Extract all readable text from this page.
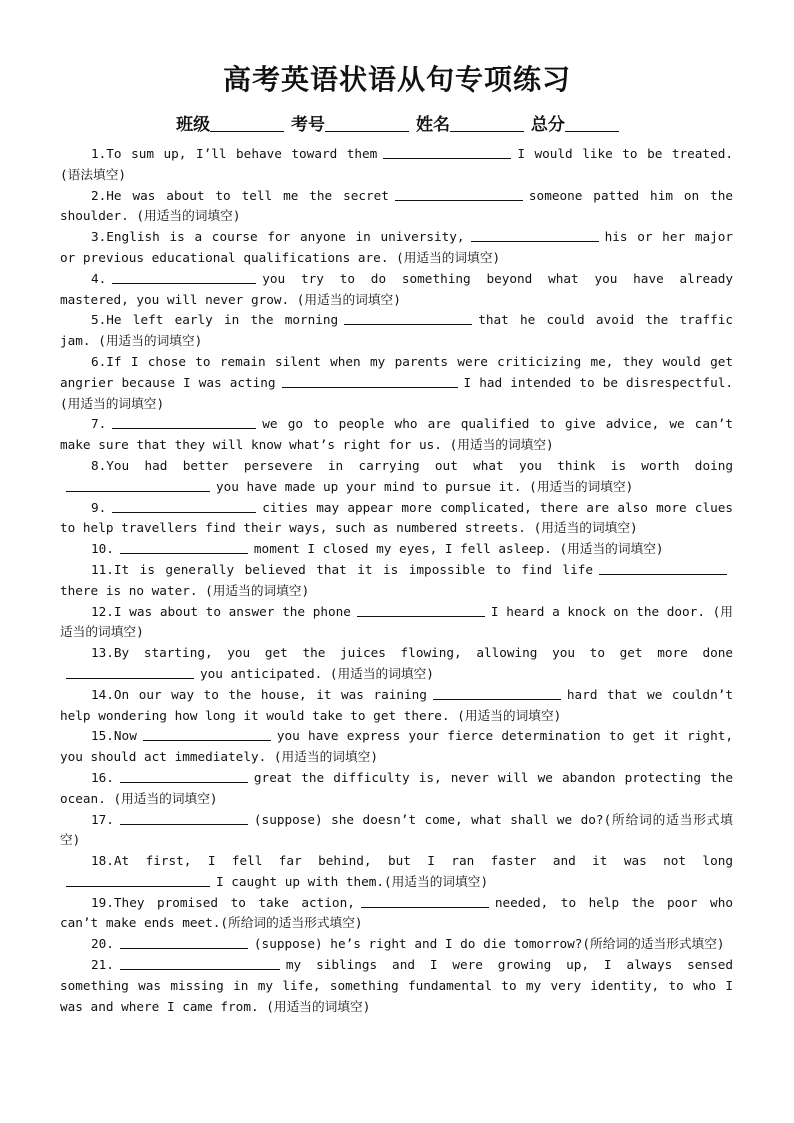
高考英语状语从句专项练习
班级	考号	姓名	总分
1.To sum up, I’ll behave toward them	I would like to be treated. (语法填空)
2.He was about to tell me the secret	someone patted him on the shoulder. (用适当的词填空)
3.English is a course for anyone in university,	his or her major or previous educational qualifications are. (用适当的词填空)
4.	you try to do something beyond what you have already mastered, you will never grow. (用适当的词填空)
5.He left early in the morning	that he could avoid the traffic jam. (用适当的词填空)
6.If I chose to remain silent when my parents were criticizing me, they would get angrier because I was acting	I had intended to be disrespectful. (用适当的词填空)
7.	we go to people who are qualified to give advice, we can’t make sure that they will know what’s right for us. (用适当的词填空)
8.You had better persevere in carrying out what you think is worth doingyou have made up your mind to pursue it. (用适当的词填空)
9.	cities may appear more complicated, there are also more clues to help travellers find their ways, such as numbered streets. (用适当的词填空)
10.	moment I closed my eyes, I fell asleep. (用适当的词填空)
11.It is generally believed that it is impossible to find lifethere is no water. (用适当的词填空)
12.I was about to answer the phone	I heard a knock on the door. (用适当的词填空)
13.By starting, you get the juices flowing, allowing you to get more doneyou anticipated. (用适当的词填空)
14.On our way to the house, it was raining	hard that we couldn’t help wondering how long it would take to get there. (用适当的词填空)
15.Now	you have express your fierce determination to get it right, you should act immediately. (用适当的词填空)
16.	great the difficulty is, never will we abandon protecting the ocean. (用适当的词填空)
17.	(suppose) she doesn’t come, what shall we do?(所给词的适当形式填空)
18.At first, I fell far behind, but I ran faster and it was not longI caught up with them.(用适当的词填空)
19.They promised to take action,	needed, to help the poor who can’t make ends meet.(所给词的适当形式填空)
20.	(suppose) he’s right and I do die tomorrow?(所给词的适当形式填空)
21.	my siblings and I were growing up, I always sensed something was missing in my life, something fundamental to my very identity, to who I was and where I came from. (用适当的词填空)
